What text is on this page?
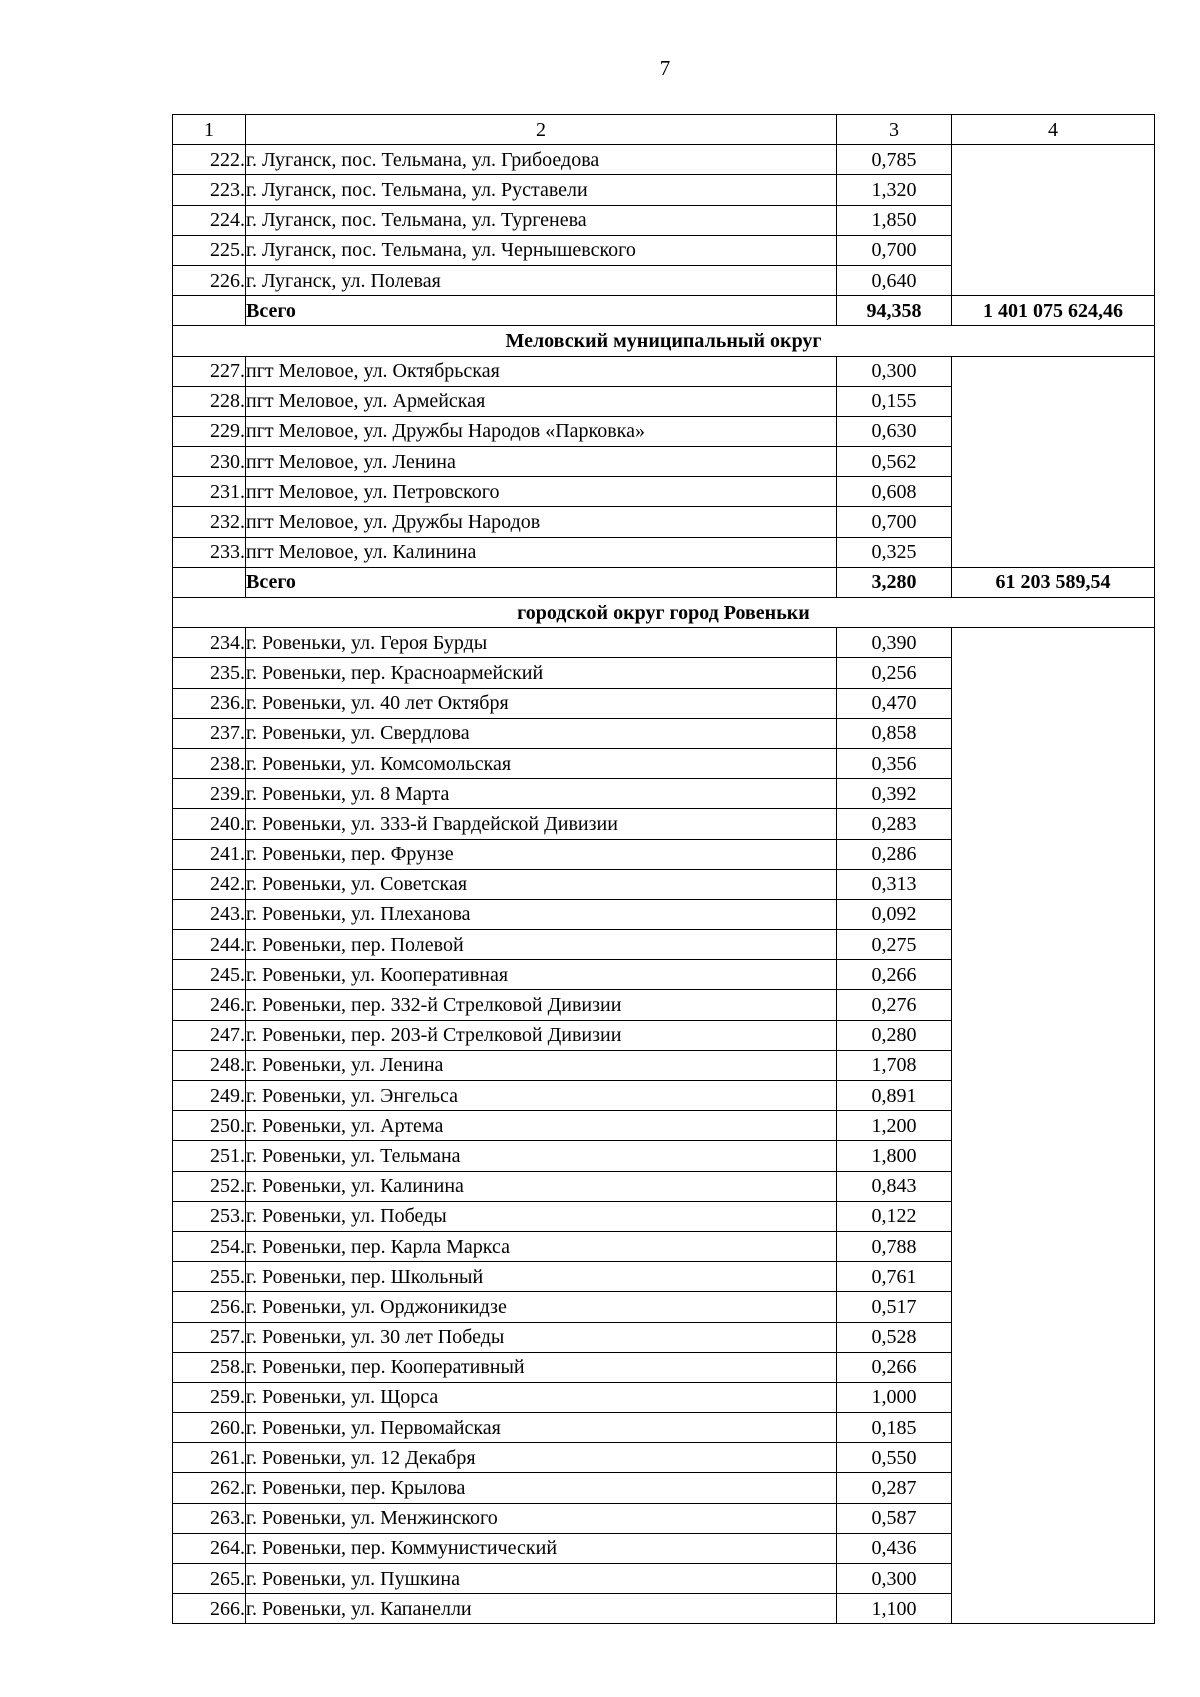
7
1	2	3	4
222.	г. Луганск, пос. Тельмана, ул. Грибоедова	0,785	
223.	г. Луганск, пос. Тельмана, ул. Руставели	1,320	
224.	г. Луганск, пос. Тельмана, ул. Тургенева	1,850	
225.	г. Луганск, пос. Тельмана, ул. Чернышевского	0,700	
226.	г. Луганск, ул. Полевая	0,640	
	Всего	94,358	1 401 075 624,46
Меловский муниципальный округ			
227.	пгт Меловое, ул. Октябрьская	0,300	
228.	пгт Меловое, ул. Армейская	0,155	
229.	пгт Меловое, ул. Дружбы Народов «Парковка»	0,630	
230.	пгт Меловое, ул. Ленина	0,562	
231.	пгт Меловое, ул. Петровского	0,608	
232.	пгт Меловое, ул. Дружбы Народов	0,700	
233.	пгт Меловое, ул. Калинина	0,325	
	Всего	3,280	61 203 589,54
городской округ город Ровеньки			
234.	г. Ровеньки, ул. Героя Бурды	0,390	
235.	г. Ровеньки, пер. Красноармейский	0,256	
236.	г. Ровеньки, ул. 40 лет Октября	0,470	
237.	г. Ровеньки, ул. Свердлова	0,858	
238.	г. Ровеньки, ул. Комсомольская	0,356	
239.	г. Ровеньки, ул. 8 Марта	0,392	
240.	г. Ровеньки, ул. 333-й Гвардейской Дивизии	0,283	
241.	г. Ровеньки, пер. Фрунзе	0,286	
242.	г. Ровеньки, ул. Советская	0,313	
243.	г. Ровеньки, ул. Плеханова	0,092	
244.	г. Ровеньки, пер. Полевой	0,275	
245.	г. Ровеньки, ул. Кооперативная	0,266	
246.	г. Ровеньки, пер. 332-й Стрелковой Дивизии	0,276	
247.	г. Ровеньки, пер. 203-й Стрелковой Дивизии	0,280	
248.	г. Ровеньки, ул. Ленина	1,708	
249.	г. Ровеньки, ул. Энгельса	0,891	
250.	г. Ровеньки, ул. Артема	1,200	
251.	г. Ровеньки, ул. Тельмана	1,800	
252.	г. Ровеньки, ул. Калинина	0,843	
253.	г. Ровеньки, ул. Победы	0,122	
254.	г. Ровеньки, пер. Карла Маркса	0,788	
255.	г. Ровеньки, пер. Школьный	0,761	
256.	г. Ровеньки, ул. Орджоникидзе	0,517	
257.	г. Ровеньки, ул. 30 лет Победы	0,528	
258.	г. Ровеньки, пер. Кооперативный	0,266	
259.	г. Ровеньки, ул. Щорса	1,000	
260.	г. Ровеньки, ул. Первомайская	0,185	
261.	г. Ровеньки, ул. 12 Декабря	0,550	
262.	г. Ровеньки, пер. Крылова	0,287	
263.	г. Ровеньки, ул. Менжинского	0,587	
264.	г. Ровеньки, пер. Коммунистический	0,436	
265.	г. Ровеньки, ул. Пушкина	0,300	
266.	г. Ровеньки, ул. Капанелли	1,100	
